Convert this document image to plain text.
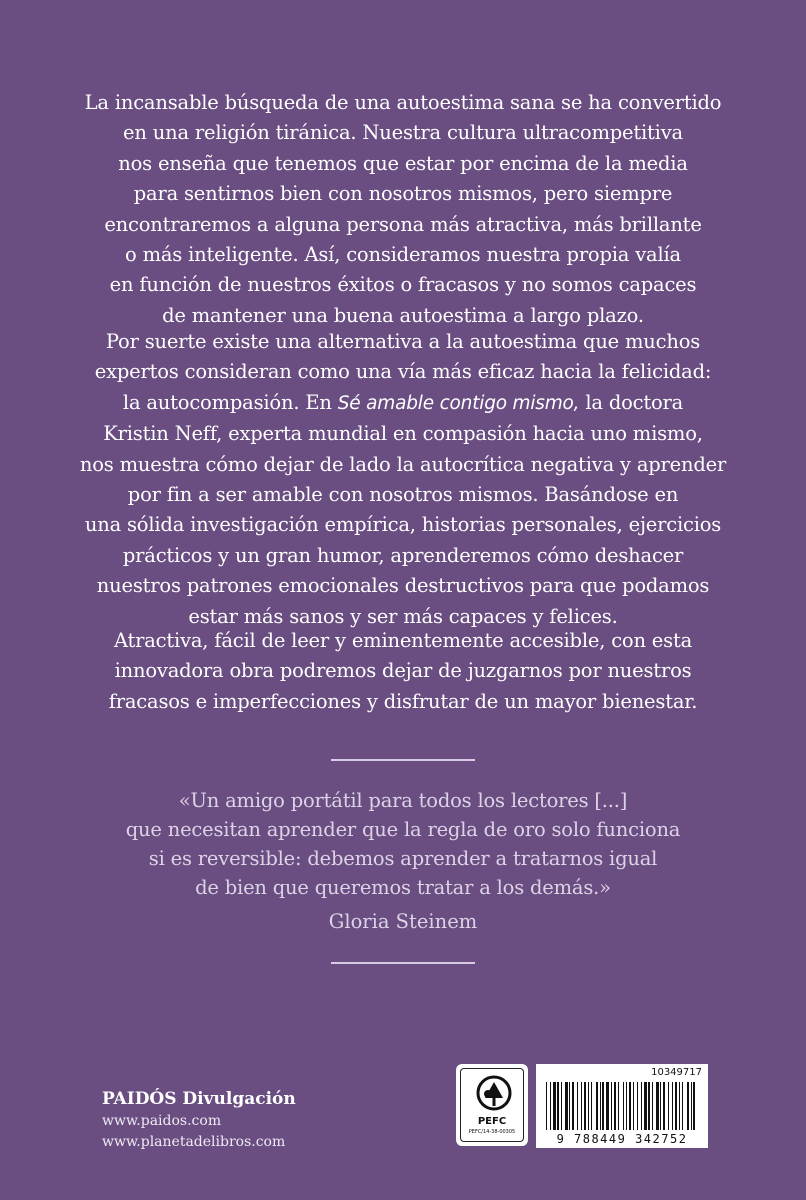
La incansable búsqueda de una autoestima sana se ha convertido
en una religión tiránica. Nuestra cultura ultracompetitiva
nos enseña que tenemos que estar por encima de la media
para sentirnos bien con nosotros mismos, pero siempre
encontraremos a alguna persona más atractiva, más brillante
o más inteligente. Así, consideramos nuestra propia valía
en función de nuestros éxitos o fracasos y no somos capaces
de mantener una buena autoestima a largo plazo.
Por suerte existe una alternativa a la autoestima que muchos
expertos consideran como una vía más eficaz hacia la felicidad:
la autocompasión. En Sé amable contigo mismo, la doctora
Kristin Neff, experta mundial en compasión hacia uno mismo,
nos muestra cómo dejar de lado la autocrítica negativa y aprender
por fin a ser amable con nosotros mismos. Basándose en
una sólida investigación empírica, historias personales, ejercicios
prácticos y un gran humor, aprenderemos cómo deshacer
nuestros patrones emocionales destructivos para que podamos
estar más sanos y ser más capaces y felices.
Atractiva, fácil de leer y eminentemente accesible, con esta
innovadora obra podremos dejar de juzgarnos por nuestros
fracasos e imperfecciones y disfrutar de un mayor bienestar.
«Un amigo portátil para todos los lectores [...]
que necesitan aprender que la regla de oro solo funciona
si es reversible: debemos aprender a tratarnos igual
de bien que queremos tratar a los demás.»
Gloria Steinem
PAIDÓS Divulgación
www.paidos.com
www.planetadelibros.com
PEFC
PEFC/14-38-00305
10349717
9 788449 342752
